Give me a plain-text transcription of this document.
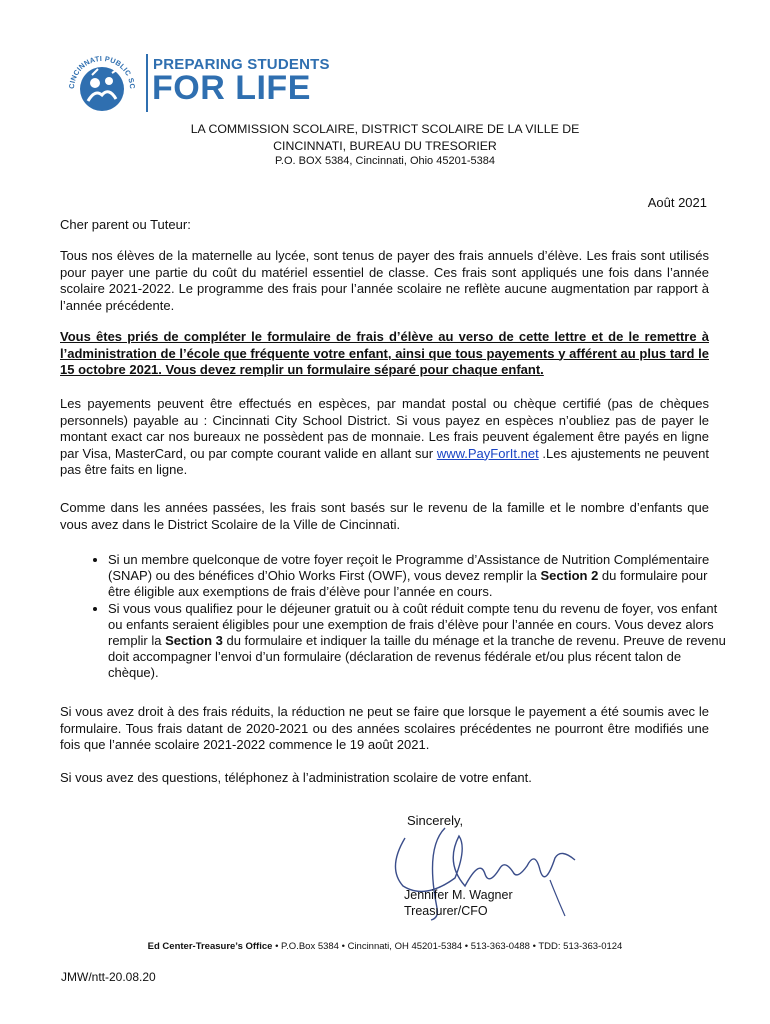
CINCINNATI PUBLIC SC
PREPARING STUDENTS
FOR LIFE
LA COMMISSION SCOLAIRE, DISTRICT SCOLAIRE DE LA VILLE DE
CINCINNATI, BUREAU DU TRESORIER
P.O. BOX 5384, Cincinnati, Ohio 45201-5384
Août 2021
Cher parent ou Tuteur:
Tous nos élèves de la maternelle au lycée, sont tenus de payer des frais annuels d’élève. Les frais sont utilisés pour payer une partie du coût du matériel essentiel de classe. Ces frais sont appliqués une fois dans l’année scolaire 2021-2022. Le programme des frais pour l’année scolaire ne reflète aucune augmentation par rapport à l’année précédente.
Vous êtes priés de compléter le formulaire de frais d’élève au verso de cette lettre et de le remettre à l’administration de l’école que fréquente votre enfant, ainsi que tous payements y afférent au plus tard le 15 octobre 2021. Vous devez remplir un formulaire séparé pour chaque enfant.
Les payements peuvent être effectués en espèces, par mandat postal ou chèque certifié (pas de chèques personnels) payable au : Cincinnati City School District. Si vous payez en espèces n’oubliez pas de payer le montant exact car nos bureaux ne possèdent pas de monnaie. Les frais peuvent également être payés en ligne par Visa, MasterCard, ou par compte courant valide en allant sur www.PayForIt.net .Les ajustements ne peuvent pas être faits en ligne.
Comme dans les années passées, les frais sont basés sur le revenu de la famille et le nombre d’enfants que vous avez dans le District Scolaire de la Ville de Cincinnati.
• Si un membre quelconque de votre foyer reçoit le Programme d’Assistance de Nutrition Complémentaire (SNAP) ou des bénéfices d’Ohio Works First (OWF), vous devez remplir la Section 2 du formulaire pour être éligible aux exemptions de frais d’élève pour l’année en cours.
• Si vous vous qualifiez pour le déjeuner gratuit ou à coût réduit compte tenu du revenu de foyer, vos enfant ou enfants seraient éligibles pour une exemption de frais d’élève pour l’année en cours. Vous devez alors remplir la Section 3 du formulaire et indiquer la taille du ménage et la tranche de revenu. Preuve de revenu doit accompagner l’envoi d’un formulaire (déclaration de revenus fédérale et/ou plus récent talon de chèque).
Si vous avez droit à des frais réduits, la réduction ne peut se faire que lorsque le payement a été soumis avec le formulaire. Tous frais datant de 2020-2021 ou des années scolaires précédentes ne pourront être modifiés une fois que l’année scolaire 2021-2022 commence le 19 août 2021.
Si vous avez des questions, téléphonez à l’administration scolaire de votre enfant.
Sincerely,
Jennifer M. Wagner
Treasurer/CFO
Ed Center-Treasure’s Office • P.O.Box 5384 • Cincinnati, OH 45201-5384 • 513-363-0488 • TDD: 513-363-0124
JMW/ntt-20.08.20
